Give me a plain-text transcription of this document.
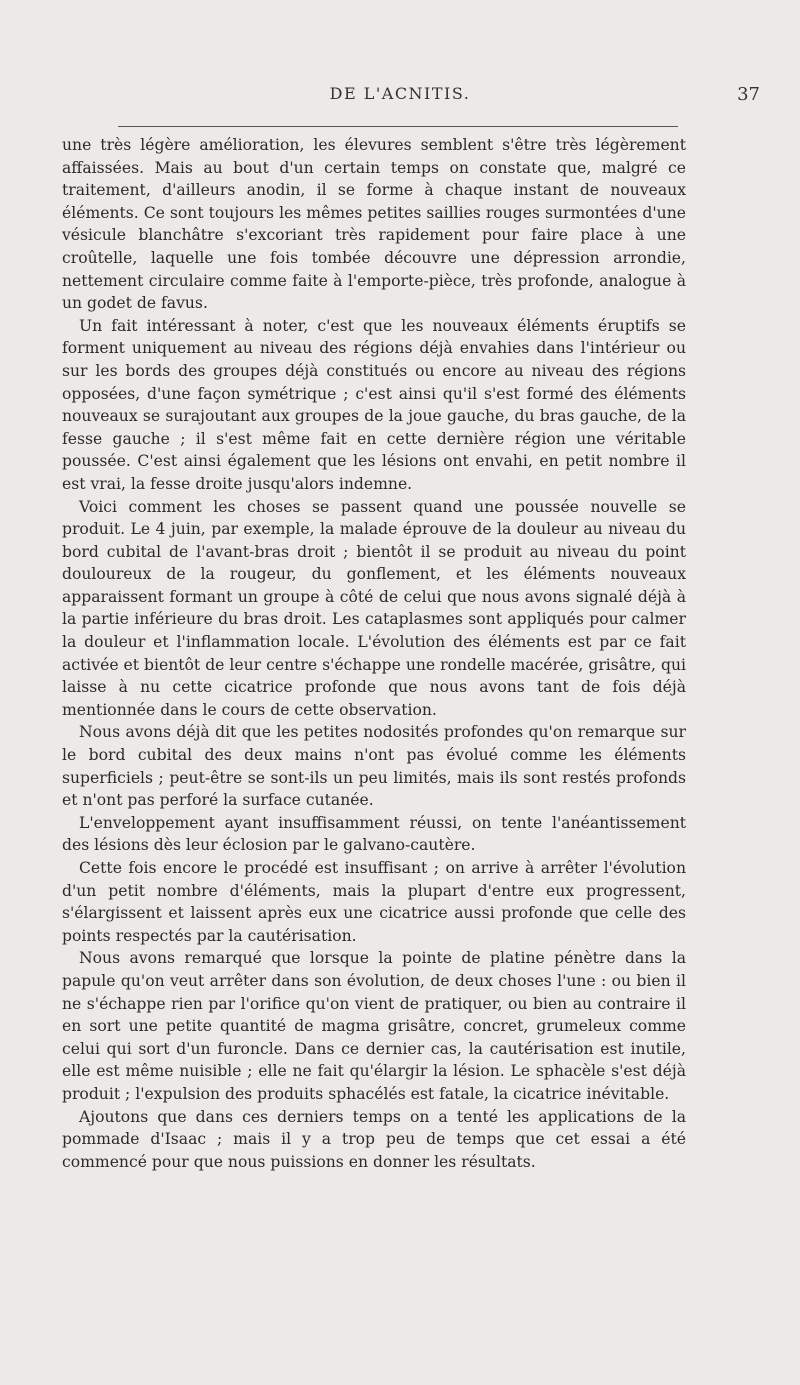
DE L'ACNITIS.	37

une très légère amélioration, les élevures semblent s'être très légèrement affaissées. Mais au bout d'un certain temps on constate que, malgré ce traitement, d'ailleurs anodin, il se forme à chaque instant de nouveaux éléments. Ce sont toujours les mêmes petites saillies rouges surmontées d'une vésicule blanchâtre s'excoriant très rapidement pour faire place à une croûtelle, laquelle une fois tombée découvre une dépression arrondie, nettement circulaire comme faite à l'emporte-pièce, très profonde, analogue à un godet de favus.

Un fait intéressant à noter, c'est que les nouveaux éléments éruptifs se forment uniquement au niveau des régions déjà envahies dans l'intérieur ou sur les bords des groupes déjà constitués ou encore au niveau des régions opposées, d'une façon symétrique ; c'est ainsi qu'il s'est formé des éléments nouveaux se surajoutant aux groupes de la joue gauche, du bras gauche, de la fesse gauche ; il s'est même fait en cette dernière région une véritable poussée. C'est ainsi également que les lésions ont envahi, en petit nombre il est vrai, la fesse droite jusqu'alors indemne.

Voici comment les choses se passent quand une poussée nouvelle se produit. Le 4 juin, par exemple, la malade éprouve de la douleur au niveau du bord cubital de l'avant-bras droit ; bientôt il se produit au niveau du point douloureux de la rougeur, du gonflement, et les éléments nouveaux apparaissent formant un groupe à côté de celui que nous avons signalé déjà à la partie inférieure du bras droit. Les cataplasmes sont appliqués pour calmer la douleur et l'inflammation locale. L'évolution des éléments est par ce fait activée et bientôt de leur centre s'échappe une rondelle macérée, grisâtre, qui laisse à nu cette cicatrice profonde que nous avons tant de fois déjà mentionnée dans le cours de cette observation.

Nous avons déjà dit que les petites nodosités profondes qu'on remarque sur le bord cubital des deux mains n'ont pas évolué comme les éléments superficiels ; peut-être se sont-ils un peu limités, mais ils sont restés profonds et n'ont pas perforé la surface cutanée.

L'enveloppement ayant insuffisamment réussi, on tente l'anéantissement des lésions dès leur éclosion par le galvano-cautère.

Cette fois encore le procédé est insuffisant ; on arrive à arrêter l'évolution d'un petit nombre d'éléments, mais la plupart d'entre eux progressent, s'élargissent et laissent après eux une cicatrice aussi profonde que celle des points respectés par la cautérisation.

Nous avons remarqué que lorsque la pointe de platine pénètre dans la papule qu'on veut arrêter dans son évolution, de deux choses l'une : ou bien il ne s'échappe rien par l'orifice qu'on vient de pratiquer, ou bien au contraire il en sort une petite quantité de magma grisâtre, concret, grumeleux comme celui qui sort d'un furoncle. Dans ce dernier cas, la cautérisation est inutile, elle est même nuisible ; elle ne fait qu'élargir la lésion. Le sphacèle s'est déjà produit ; l'expulsion des produits sphacélés est fatale, la cicatrice inévitable.

Ajoutons que dans ces derniers temps on a tenté les applications de la pommade d'Isaac ; mais il y a trop peu de temps que cet essai a été commencé pour que nous puissions en donner les résultats.
